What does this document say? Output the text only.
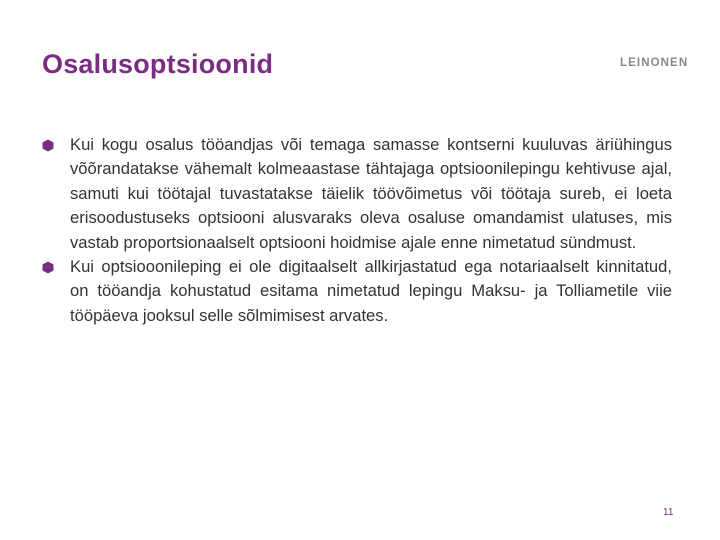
Osalusoptsioonid	LEINONEN
Kui kogu osalus tööandjas või temaga samasse kontserni kuuluvas äriühingus võõrandatakse vähemalt kolmeaastase tähtajaga optsioonilepingu kehtivuse ajal, samuti kui töötajal tuvastatakse täielik töövõimetus või töötaja sureb, ei loeta erisoodustuseks optsiooni alusvaraks oleva osaluse omandamist ulatuses, mis vastab proportsionaalselt optsiooni hoidmise ajale enne nimetatud sündmust.
Kui optsiooonileping ei ole digitaalselt allkirjastatud ega notariaalselt kinnitatud, on tööandja kohustatud esitama nimetatud lepingu Maksu- ja Tolliametile viie tööpäeva jooksul selle sõlmimisest arvates.
11
